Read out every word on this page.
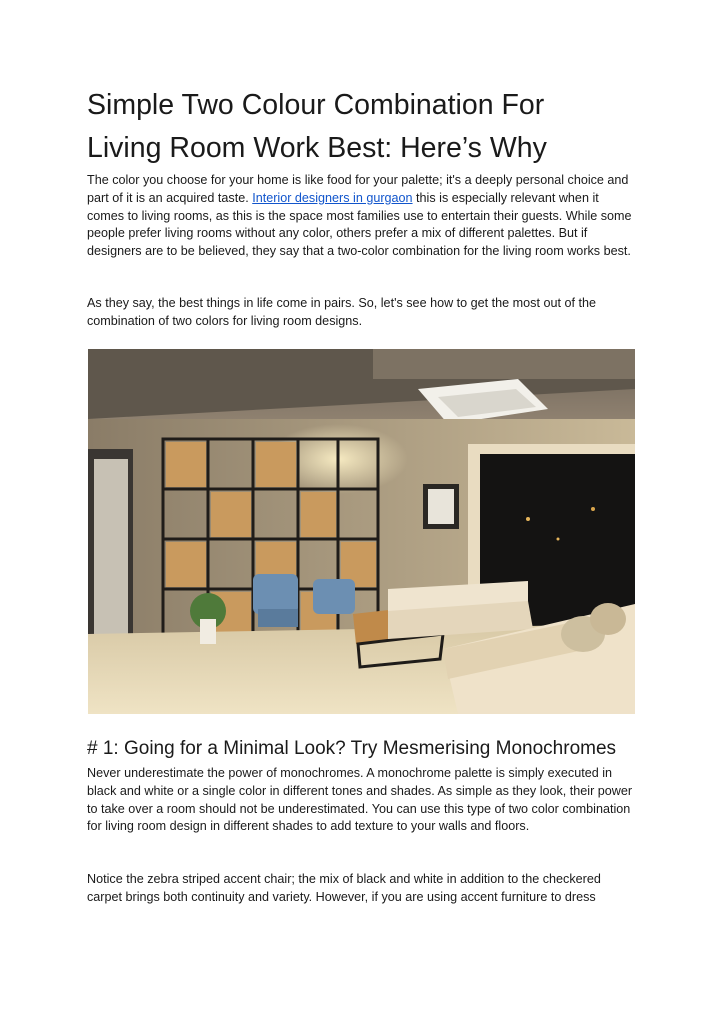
Simple Two Colour Combination For
Living Room Work Best: Here’s Why

The color you choose for your home is like food for your palette; it's a deeply personal choice and part of it is an acquired taste. Interior designers in gurgaon this is especially relevant when it comes to living rooms, as this is the space most families use to entertain their guests. While some people prefer living rooms without any color, others prefer a mix of different palettes. But if designers are to be believed, they say that a two-color combination for the living room works best.

As they say, the best things in life come in pairs. So, let's see how to get the most out of the combination of two colors for living room designs.

# 1: Going for a Minimal Look? Try Mesmerising Monochromes

Never underestimate the power of monochromes. A monochrome palette is simply executed in black and white or a single color in different tones and shades. As simple as they look, their power to take over a room should not be underestimated. You can use this type of two color combination for living room design in different shades to add texture to your walls and floors.

Notice the zebra striped accent chair; the mix of black and white in addition to the checkered carpet brings both continuity and variety. However, if you are using accent furniture to dress
